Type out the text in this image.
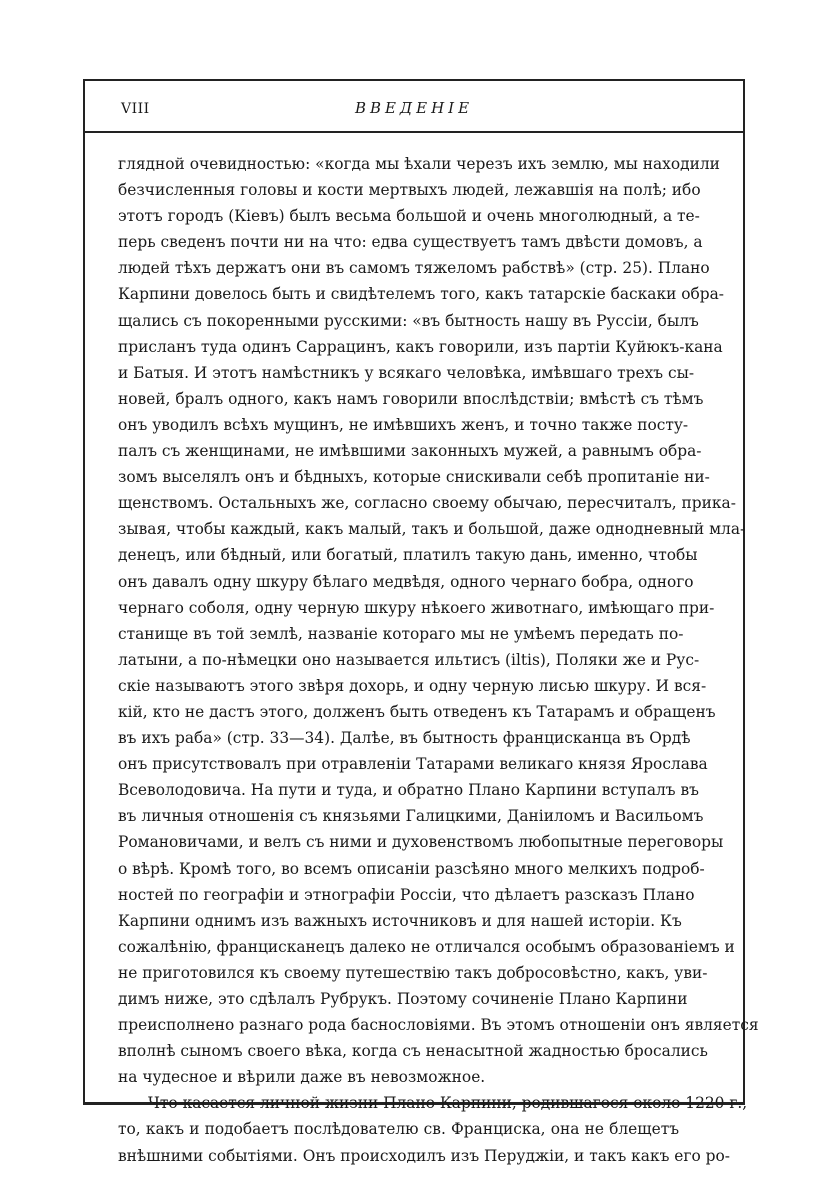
VIII	ВВЕДЕНІЕ

глядной очевидностью: «когда мы ѣхали черезъ ихъ землю, мы находили
безчисленныя головы и кости мертвыхъ людей, лежавшія на полѣ; ибо
этотъ городъ (Кіевъ) былъ весьма большой и очень многолюдный, а те-
перь сведенъ почти ни на что: едва существуетъ тамъ двѣсти домовъ, а
людей тѣхъ держатъ они въ самомъ тяжеломъ рабствѣ» (стр. 25). Плано
Карпини довелось быть и свидѣтелемъ того, какъ татарскіе баскаки обра-
щались съ покоренными русскими: «въ бытность нашу въ Руссіи, былъ
присланъ туда одинъ Саррацинъ, какъ говорили, изъ партіи Куйюкъ-кана
и Батыя. И этотъ намѣстникъ у всякаго человѣка, имѣвшаго трехъ сы-
новей, бралъ одного, какъ намъ говорили впослѣдствіи; вмѣстѣ съ тѣмъ
онъ уводилъ всѣхъ мущинъ, не имѣвшихъ женъ, и точно также посту-
палъ съ женщинами, не имѣвшими законныхъ мужей, а равнымъ обра-
зомъ выселялъ онъ и бѣдныхъ, которые снискивали себѣ пропитаніе ни-
щенствомъ. Остальныхъ же, согласно своему обычаю, пересчиталъ, прика-
зывая, чтобы каждый, какъ малый, такъ и большой, даже однодневный мла-
денецъ, или бѣдный, или богатый, платилъ такую дань, именно, чтобы
онъ давалъ одну шкуру бѣлаго медвѣдя, одного чернаго бобра, одного
чернаго соболя, одну черную шкуру нѣкоего животнаго, имѣющаго при-
станище въ той землѣ, названіе котораго мы не умѣемъ передать по-
латыни, а по-нѣмецки оно называется ильтисъ (iltis), Поляки же и Рус-
скіе называютъ этого звѣря дохорь, и одну черную лисью шкуру. И вся-
кій, кто не дастъ этого, долженъ быть отведенъ къ Татарамъ и обращенъ
въ ихъ раба» (стр. 33—34). Далѣе, въ бытность францисканца въ Ордѣ
онъ присутствовалъ при отравленіи Татарами великаго князя Ярослава
Всеволодовича. На пути и туда, и обратно Плано Карпини вступалъ въ
въ личныя отношенія съ князьями Галицкими, Даніиломъ и Васильомъ
Романовичами, и велъ съ ними и духовенствомъ любопытные переговоры
о вѣрѣ. Кромѣ того, во всемъ описаніи разсѣяно много мелкихъ подроб-
ностей по географіи и этнографіи Россіи, что дѣлаетъ разсказъ Плано
Карпини однимъ изъ важныхъ источниковъ и для нашей исторіи. Къ
сожалѣнію, францисканецъ далеко не отличался особымъ образованіемъ и
не приготовился къ своему путешествію такъ добросовѣстно, какъ, уви-
димъ ниже, это сдѣлалъ Рубрукъ. Поэтому сочиненіе Плано Карпини
преисполнено разнаго рода баснословіями. Въ этомъ отношеніи онъ является
вполнѣ сыномъ своего вѣка, когда съ ненасытной жадностью бросались
на чудесное и вѣрили даже въ невозможное.

Что касается личной жизни Плано Карпини, родившагося около 1220 г.,
то, какъ и подобаетъ послѣдователю св. Франциска, она не блещетъ
внѣшними событіями. Онъ происходилъ изъ Перуджіи, и такъ какъ его ро-
